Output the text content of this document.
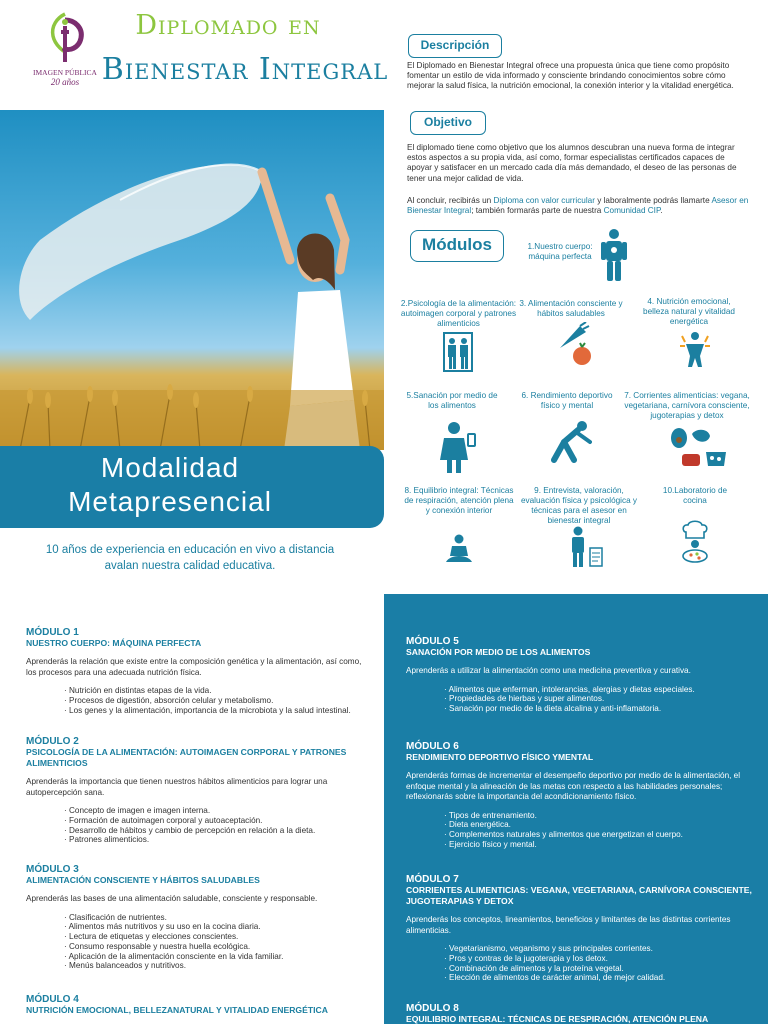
IMAGEN PÚBLICA
20 años
Diplomado en
Bienestar Integral
Modalidad
Metapresencial
10 años de experiencia en educación en vivo a distancia avalan nuestra calidad educativa.
Descripción
El Diplomado en Bienestar Integral ofrece una propuesta única que tiene como propósito fomentar un estilo de vida informado y consciente brindando conocimientos sobre cómo mejorar la salud física, la nutrición emocional, la conexión interior y la vitalidad energética.
Objetivo
El diplomado tiene como objetivo que los alumnos descubran una nueva forma de integrar estos aspectos a su propia vida, así como, formar especialistas certificados capaces de apoyar y satisfacer en un mercado cada día más demandado, el deseo de las personas de tener una mejor calidad de vida.
Al concluir, recibirás un Diploma con valor curricular y laboralmente podrás llamarte Asesor en Bienestar Integral; también formarás parte de nuestra Comunidad CIP.
Módulos	1.Nuestro cuerpo: máquina perfecta
2.Psicología de la alimentación: autoimagen corporal y patrones alimenticios
3. Alimentación consciente y hábitos saludables
4. Nutrición emocional, belleza natural y vitalidad energética
5.Sanación por medio de los alimentos
6. Rendimiento deportivo físico y mental
7. Corrientes alimenticias: vegana, vegetariana, carnívora consciente, jugoterapias y detox
8. Equilibrio integral: Técnicas de respiración, atención plena y conexión interior
9. Entrevista, valoración, evaluación física y psicológica y técnicas para el asesor en bienestar integral
10.Laboratorio de cocina
MÓDULO 1
NUESTRO CUERPO: MÁQUINA PERFECTA
Aprenderás la relación que existe entre la composición genética y la alimentación, así como, los procesos para una adecuada nutrición física.
· Nutrición en distintas etapas de la vida.
· Procesos de digestión, absorción celular y metabolismo.
· Los genes y la alimentación, importancia de la microbiota y la salud intestinal.
MÓDULO 2
PSICOLOGÍA DE LA ALIMENTACIÓN: AUTOIMAGEN CORPORAL Y PATRONES ALIMENTICIOS
Aprenderás la importancia que tienen nuestros hábitos alimenticios para lograr una autopercepción sana.
· Concepto de imagen e imagen interna.
· Formación de autoimagen corporal y autoaceptación.
· Desarrollo de hábitos y cambio de percepción en relación a la dieta.
· Patrones alimenticios.
MÓDULO 3
ALIMENTACIÓN CONSCIENTE Y HÁBITOS SALUDABLES
Aprenderás las bases de una alimentación saludable, consciente y responsable.
· Clasificación de nutrientes.
· Alimentos más nutritivos y su uso en la cocina diaria.
· Lectura de etiquetas y elecciones conscientes.
· Consumo responsable y nuestra huella ecológica.
· Aplicación de la alimentación consciente en la vida familiar.
· Menús balanceados y nutritivos.
MÓDULO 4
NUTRICIÓN EMOCIONAL, BELLEZANATURAL Y VITALIDAD ENERGÉTICA
MÓDULO 5
SANACIÓN POR MEDIO DE LOS ALIMENTOS
Aprenderás a utilizar la alimentación como una medicina preventiva y curativa.
· Alimentos que enferman, intolerancias, alergias y dietas especiales.
· Propiedades de hierbas y super alimentos.
· Sanación por medio de la dieta alcalina y anti-inflamatoria.
MÓDULO 6
RENDIMIENTO DEPORTIVO FÍSICO YMENTAL
Aprenderás formas de incrementar el desempeño deportivo por medio de la alimentación, el enfoque mental y la alineación de las metas con respecto a las habilidades personales; reflexionarás sobre la importancia del acondicionamiento físico.
· Tipos de entrenamiento.
· Dieta energética.
· Complementos naturales y alimentos que energetizan el cuerpo.
· Ejercicio físico y mental.
MÓDULO 7
CORRIENTES ALIMENTICIAS: VEGANA, VEGETARIANA, CARNÍVORA CONSCIENTE, JUGOTERAPIAS Y DETOX
Aprenderás los conceptos, lineamientos, beneficios y limitantes de las distintas corrientes alimenticias.
· Vegetarianismo, veganismo y sus principales corrientes.
· Pros y contras de la jugoterapia y los detox.
· Combinación de alimentos y la proteína vegetal.
· Elección de alimentos de carácter animal, de mejor calidad.
MÓDULO 8
EQUILIBRIO INTEGRAL: TÉCNICAS DE RESPIRACIÓN, ATENCIÓN PLENA
